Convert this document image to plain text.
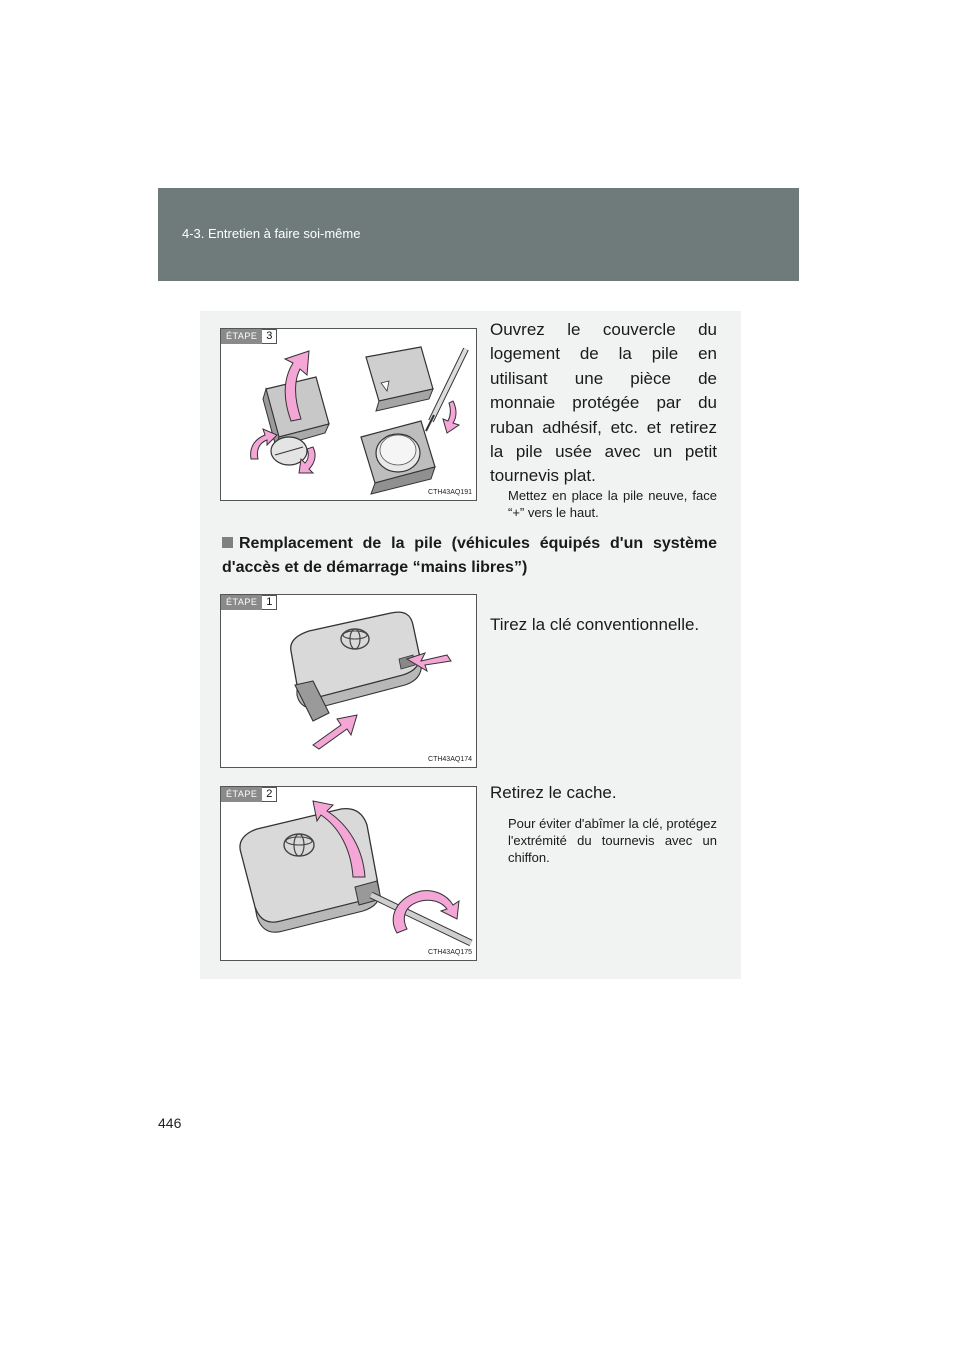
4-3. Entretien à faire soi-même
ÉTAPE 3
CTH43AQ191
Ouvrez le couvercle du logement de la pile en utilisant une pièce de monnaie protégée par du ruban adhésif, etc. et retirez la pile usée avec un petit tournevis plat.
Mettez en place la pile neuve, face “+” vers le haut.
Remplacement de la pile (véhicules équipés d'un système d'accès et de démarrage “mains libres”)
ÉTAPE 1
CTH43AQ174
Tirez la clé conventionnelle.
ÉTAPE 2
CTH43AQ175
Retirez le cache.
Pour éviter d'abîmer la clé, protégez l'extrémité du tournevis avec un chiffon.
446
